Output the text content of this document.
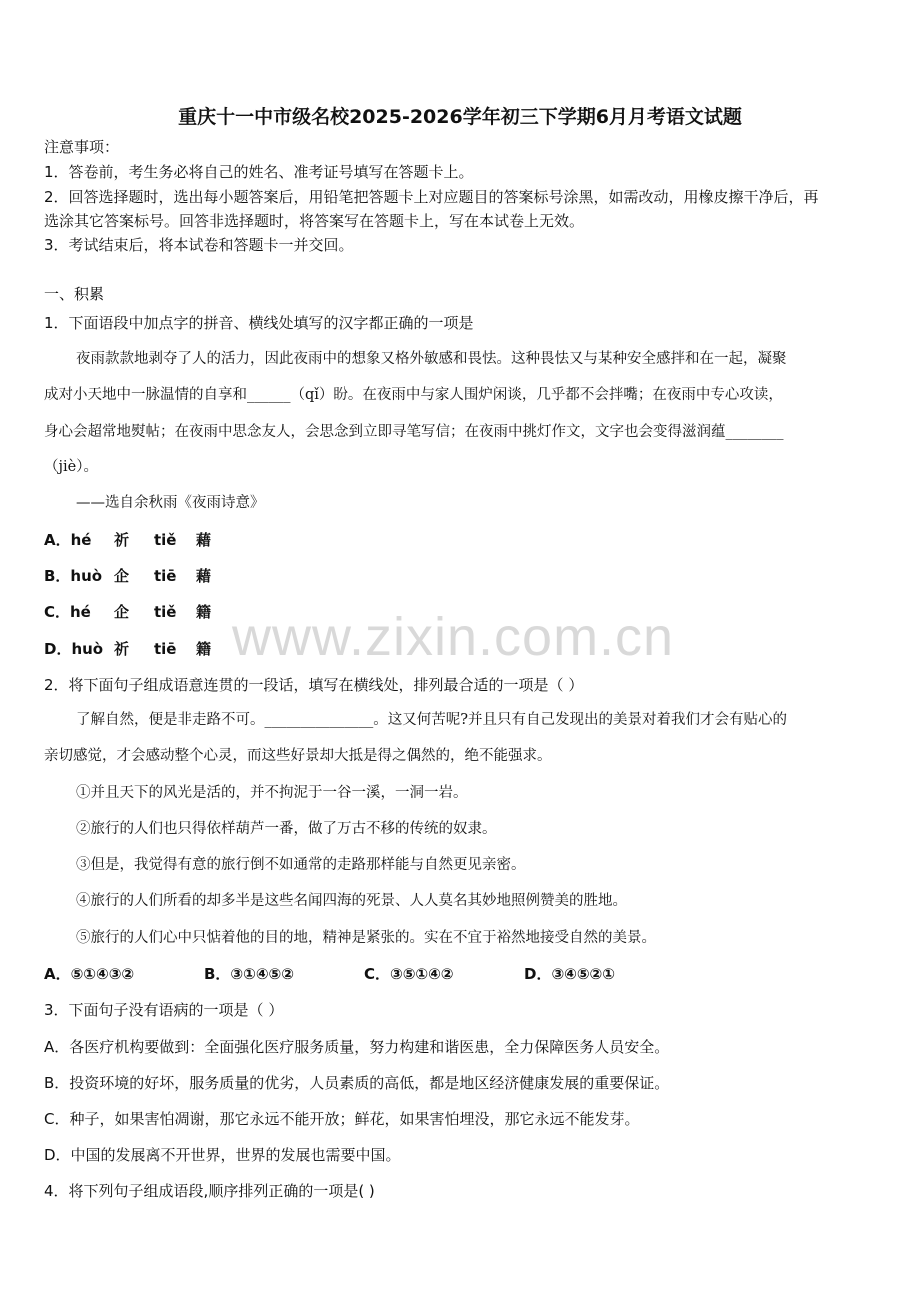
重庆十一中市级名校2025-2026学年初三下学期6月月考语文试题
注意事项：
1．答卷前，考生务必将自己的姓名、准考证号填写在答题卡上。
2．回答选择题时，选出每小题答案后，用铅笔把答题卡上对应题目的答案标号涂黑，如需改动，用橡皮擦干净后，再
选涂其它答案标号。回答非选择题时，将答案写在答题卡上，写在本试卷上无效。
3．考试结束后，将本试卷和答题卡一并交回。
一、积累
1．下面语段中加点字的拼音、横线处填写的汉字都正确的一项是
夜雨款款地剥夺了人的活力，因此夜雨中的想象又格外敏感和畏怯。这种畏怯又与某种安全感拌和在一起，凝聚
成对小天地中一脉温情的自享和______（qǐ）盼。在夜雨中与家人围炉闲谈，几乎都不会拌嘴；在夜雨中专心攻读，
身心会超常地熨帖；在夜雨中思念友人，会思念到立即寻笔写信；在夜雨中挑灯作文，文字也会变得滋润蕴________
（jiè）。
——选自余秋雨《夜雨诗意》
A．hé 祈 tiě 藉
B．huò 企 tiē 藉
C．hé 企 tiě 籍
D．huò 祈 tiē 籍 www.zixin.com.cn
2．将下面句子组成语意连贯的一段话，填写在横线处，排列最合适的一项是（ ）
了解自然，便是非走路不可。_______________。这又何苦呢?并且只有自己发现出的美景对着我们才会有贴心的
亲切感觉，才会感动整个心灵，而这些好景却大抵是得之偶然的，绝不能强求。
①并且天下的风光是活的，并不拘泥于一谷一溪，一洞一岩。
②旅行的人们也只得依样葫芦一番，做了万古不移的传统的奴隶。
③但是，我觉得有意的旅行倒不如通常的走路那样能与自然更见亲密。
④旅行的人们所看的却多半是这些名闻四海的死景、人人莫名其妙地照例赞美的胜地。
⑤旅行的人们心中只惦着他的目的地，精神是紧张的。实在不宜于裕然地接受自然的美景。
A．⑤①④③②	B．③①④⑤②	C．③⑤①④②	D．③④⑤②①
3．下面句子没有语病的一项是（ ）
A．各医疗机构要做到：全面强化医疗服务质量，努力构建和谐医患，全力保障医务人员安全。
B．投资环境的好坏，服务质量的优劣，人员素质的高低，都是地区经济健康发展的重要保证。
C．种子，如果害怕凋谢，那它永远不能开放；鲜花，如果害怕埋没，那它永远不能发芽。
D．中国的发展离不开世界，世界的发展也需要中国。
4．将下列句子组成语段,顺序排列正确的一项是( )
